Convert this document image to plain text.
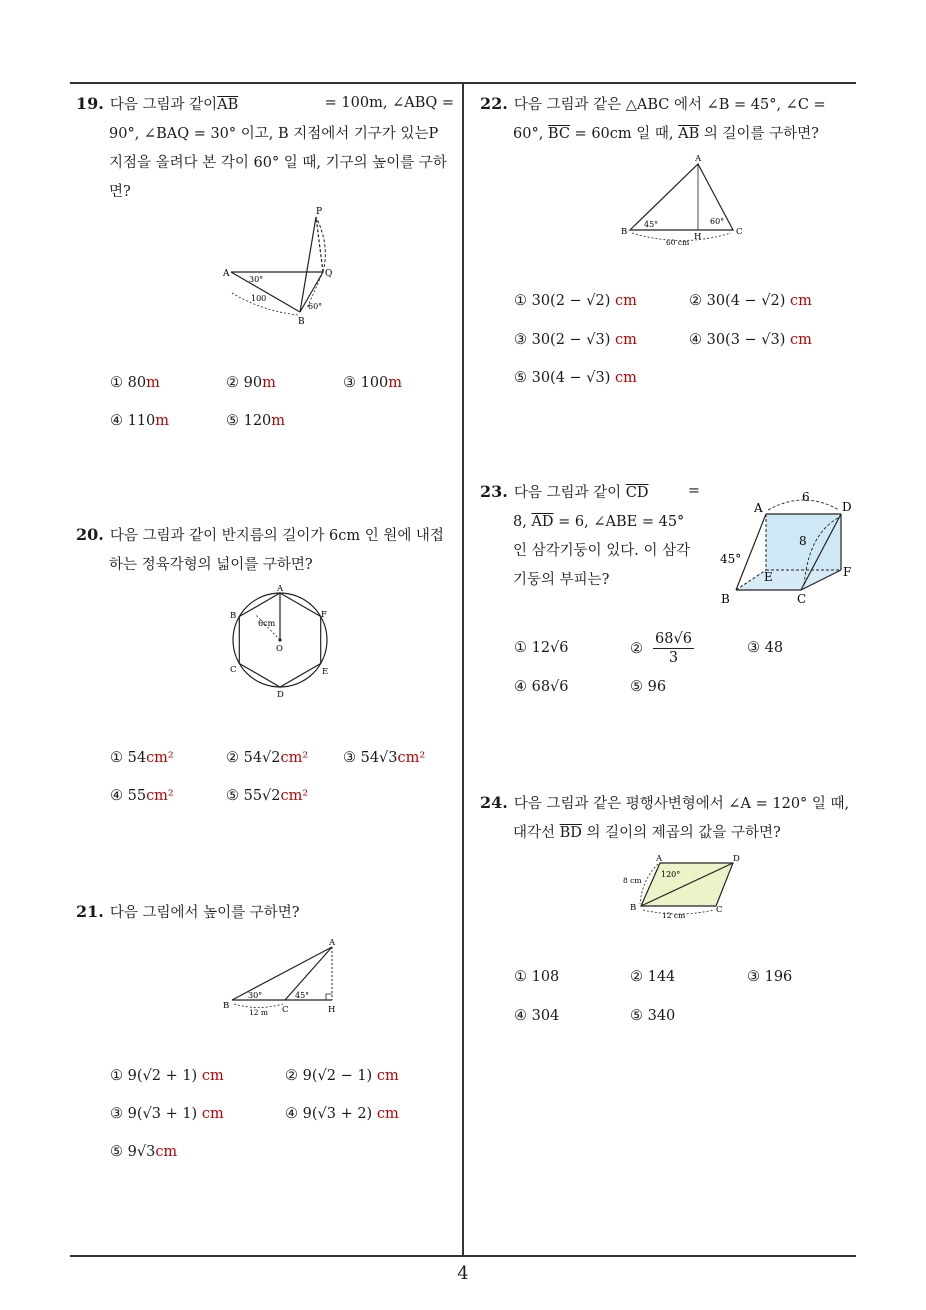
19. 다음 그림과 같이$\overline{AB}$	= 100m, ∠ABQ =
90°, ∠BAQ = 30° 이고, B 지점에서 기구가 있는P
지점을 올려다 본 각이 60° 일 때, 기구의 높이를 구하
면?
P
A	Q
B
30°
100
60°
① 80m	② 90m	③ 100m
④ 110m	⑤ 120m
20. 다음 그림과 같이 반지름의 길이가 6cm 인 원에 내접
하는 정육각형의 넓이를 구하면?
A
B
C
D
E
F
O
6cm
① 54cm²	② 54√2cm² ③ 54√3cm²
④ 55cm²	⑤ 55√2cm²
21. 다음 그림에서 높이를 구하면?
A
B	C	H
30°	45°
12 m
① 9(√2 + 1) cm	② 9(√2 − 1) cm
③ 9(√3 + 1) cm	④ 9(√3 + 2) cm
⑤ 9√3cm
22. 다음 그림과 같은 △ABC 에서 ∠B = 45°, ∠C =
60°, $\overline{BC} = 60cm$ 일 때, $\overline{AB}$ 의 길이를 구하면?
A
B	C
H
45°	60°
60 cm
① 30(2 − √2) cm	② 30(4 − √2) cm
③ 30(2 − √3) cm	④ 30(3 − √3) cm
⑤ 30(4 − √3) cm
23. 다음 그림과 같이 $\overline{CD}$	=
8, $\overline{AD} = 6$, ∠ABE = 45°
인 삼각기둥이 있다. 이 삼각
기둥의 부피는?
6
A	D
8
45°
E	F
B	C
① 12√6	②
68√6
3
③ 48
④ 68√6	⑤ 96
24. 다음 그림과 같은 평행사변형에서 ∠A = 120° 일 때,
대각선 $\overline{BD}$ 의 길이의 제곱의 값을 구하면?
A	D
B	C
120°
8 cm
12 cm
① 108	② 144	③ 196
④ 304	⑤ 340
4
